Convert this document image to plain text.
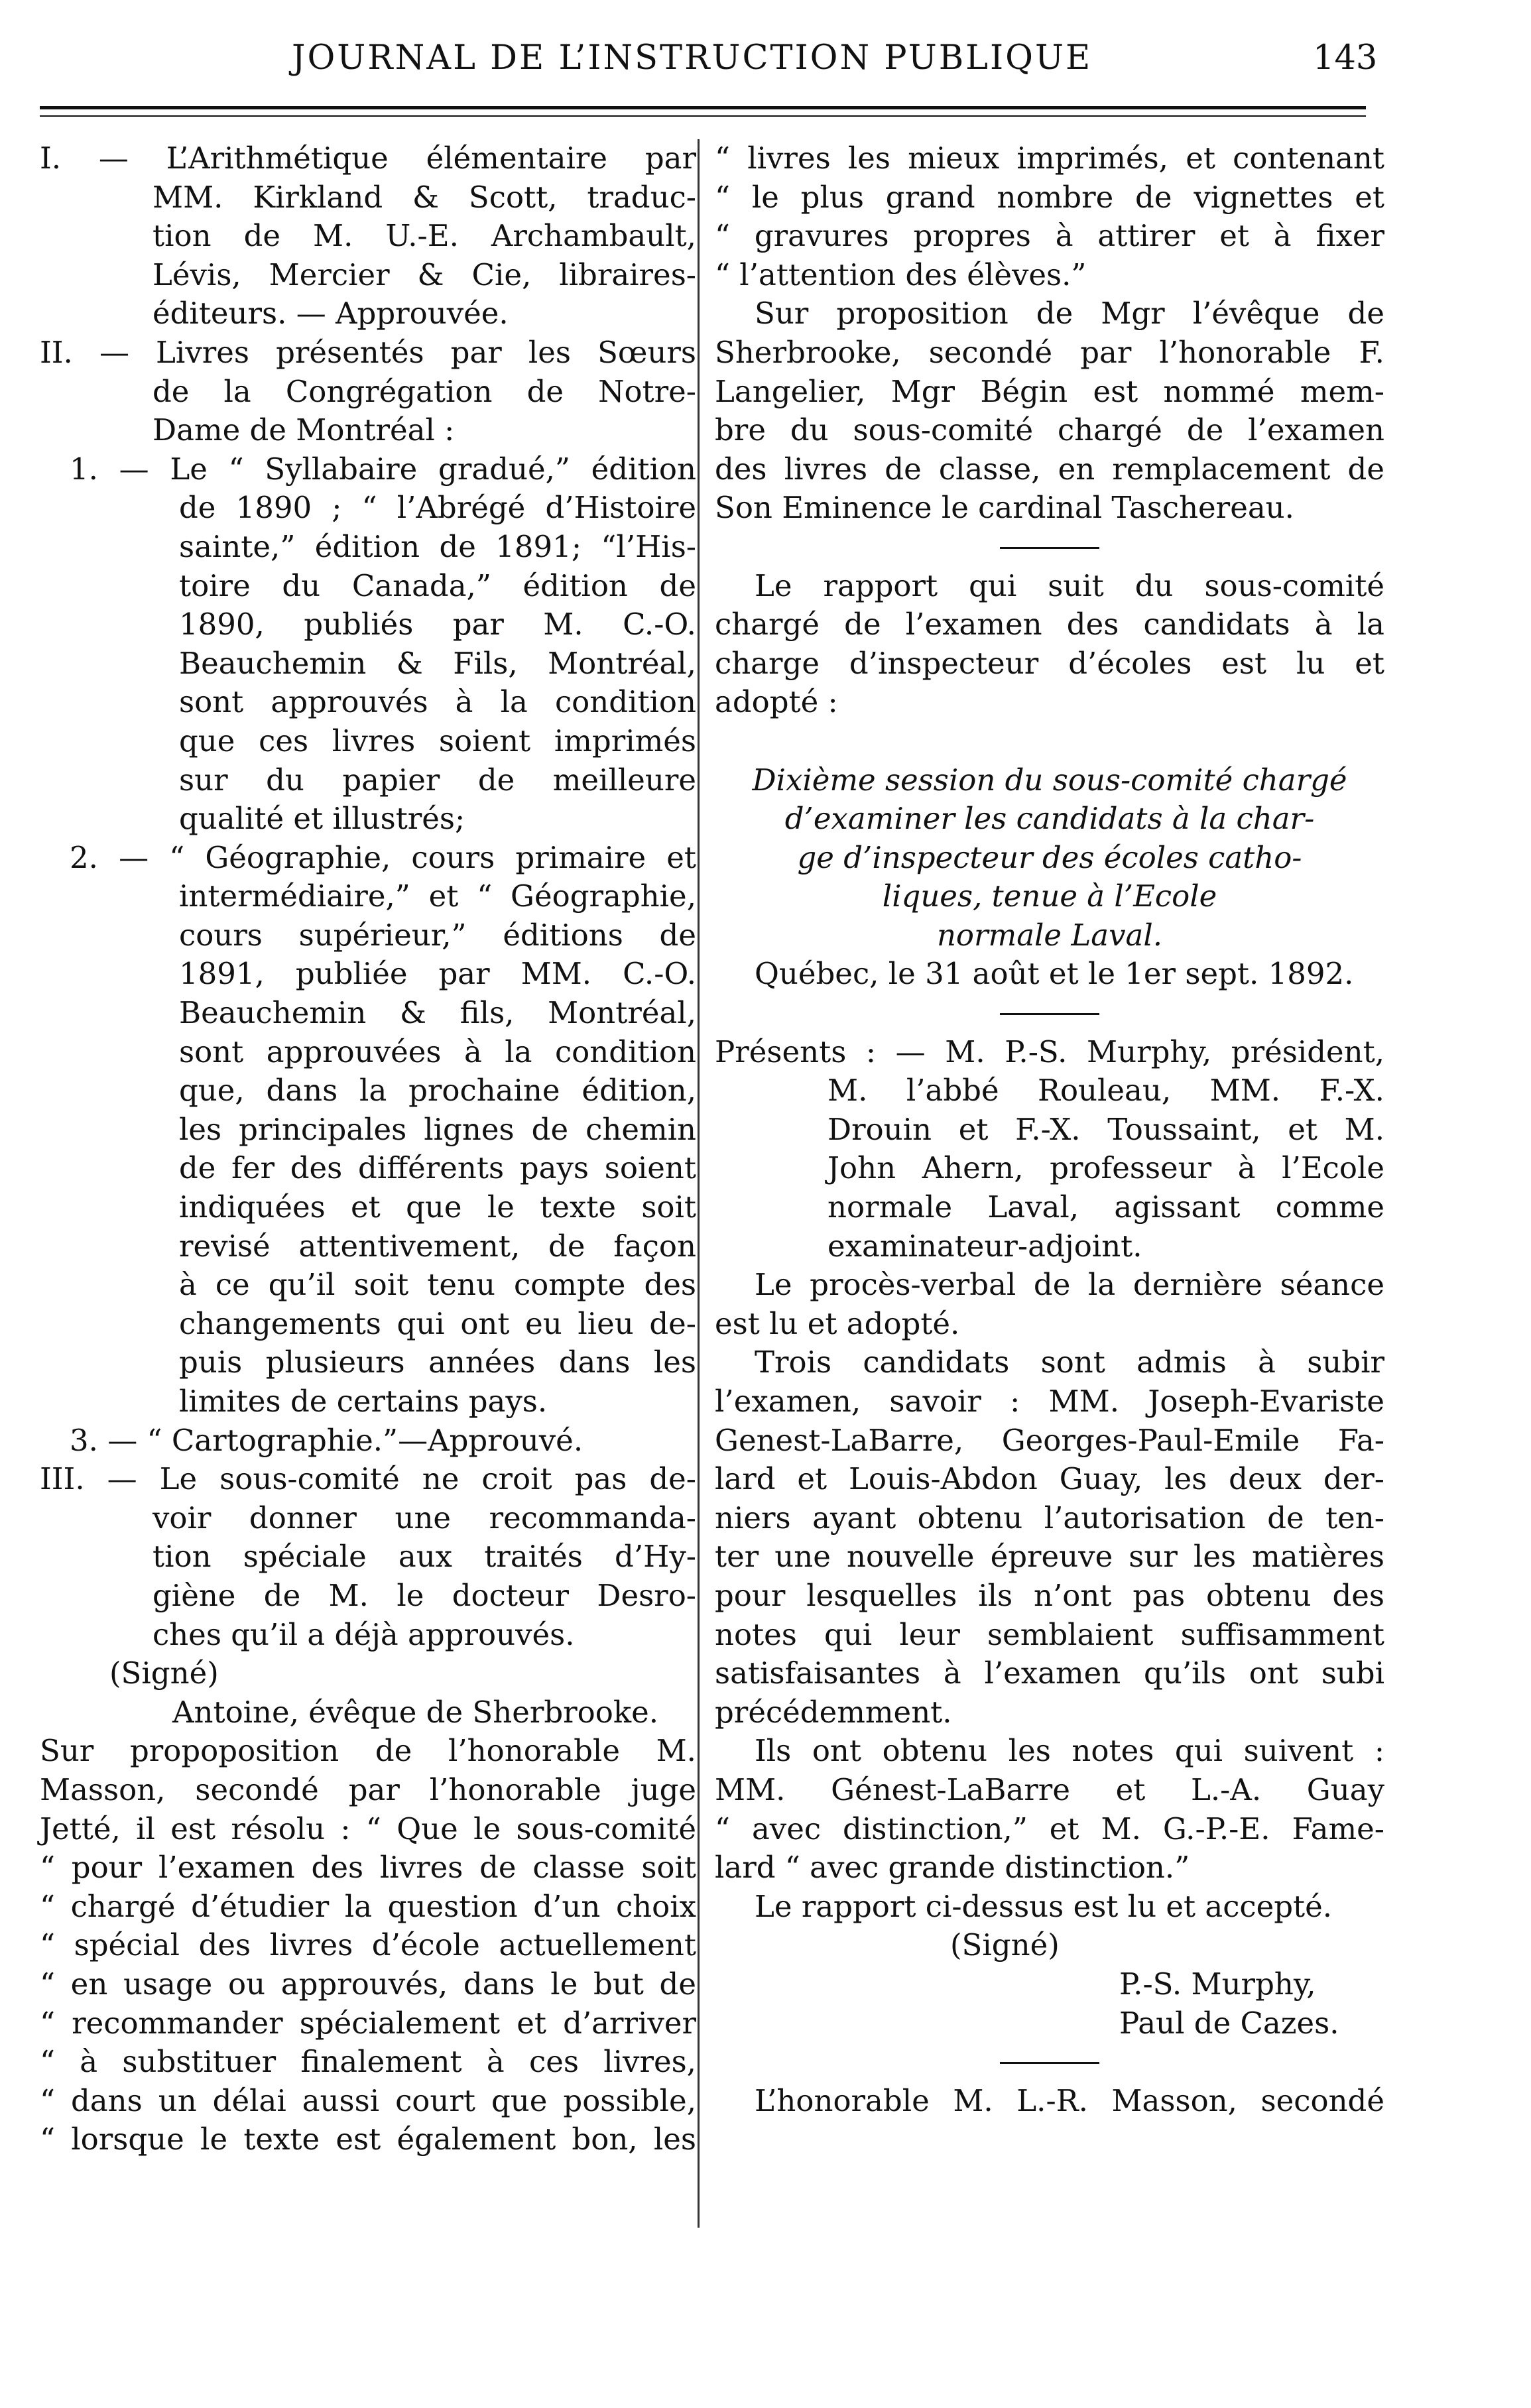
JOURNAL DE L’INSTRUCTION PUBLIQUE	143
I. — L’Arithmétique élémentaire par
MM. Kirkland & Scott, traduc-
tion de M. U.-E. Archambault,
Lévis, Mercier & Cie, libraires-
éditeurs. — Approuvée.
II. — Livres présentés par les Sœurs
de la Congrégation de Notre-
Dame de Montréal :
1. — Le “ Syllabaire gradué,” édition
de 1890 ; “ l’Abrégé d’Histoire
sainte,” édition de 1891; “l’His-
toire du Canada,” édition de
1890, publiés par M. C.-O.
Beauchemin & Fils, Montréal,
sont approuvés à la condition
que ces livres soient imprimés
sur du papier de meilleure
qualité et illustrés;
2. — “ Géographie, cours primaire et
intermédiaire,” et “ Géographie,
cours supérieur,” éditions de
1891, publiée par MM. C.-O.
Beauchemin & fils, Montréal,
sont approuvées à la condition
que, dans la prochaine édition,
les principales lignes de chemin
de fer des différents pays soient
indiquées et que le texte soit
revisé attentivement, de façon
à ce qu’il soit tenu compte des
changements qui ont eu lieu de-
puis plusieurs années dans les
limites de certains pays.
3. — “ Cartographie.”—Approuvé.
III. — Le sous-comité ne croit pas de-
voir donner une recommanda-
tion spéciale aux traités d’Hy-
giène de M. le docteur Desro-
ches qu’il a déjà approuvés.
(Signé)
Antoine, évêque de Sherbrooke.
Sur propoposition de l’honorable M.
Masson, secondé par l’honorable juge
Jetté, il est résolu : “ Que le sous-comité
“ pour l’examen des livres de classe soit
“ chargé d’étudier la question d’un choix
“ spécial des livres d’école actuellement
“ en usage ou approuvés, dans le but de
“ recommander spécialement et d’arriver
“ à substituer finalement à ces livres,
“ dans un délai aussi court que possible,
“ lorsque le texte est également bon, les
“ livres les mieux imprimés, et contenant
“ le plus grand nombre de vignettes et
“ gravures propres à attirer et à fixer
“ l’attention des élèves.”
Sur proposition de Mgr l’évêque de
Sherbrooke, secondé par l’honorable F.
Langelier, Mgr Bégin est nommé mem-
bre du sous-comité chargé de l’examen
des livres de classe, en remplacement de
Son Eminence le cardinal Taschereau.
Le rapport qui suit du sous-comité
chargé de l’examen des candidats à la
charge d’inspecteur d’écoles est lu et
adopté :
Dixième session du sous-comité chargé
d’examiner les candidats à la char-
ge d’inspecteur des écoles catho-
liques, tenue à l’Ecole
normale Laval.
Québec, le 31 août et le 1er sept. 1892.
Présents : — M. P.-S. Murphy, président,
M. l’abbé Rouleau, MM. F.-X.
Drouin et F.-X. Toussaint, et M.
John Ahern, professeur à l’Ecole
normale Laval, agissant comme
examinateur-adjoint.
Le procès-verbal de la dernière séance
est lu et adopté.
Trois candidats sont admis à subir
l’examen, savoir : MM. Joseph-Evariste
Genest-LaBarre, Georges-Paul-Emile Fa-
lard et Louis-Abdon Guay, les deux der-
niers ayant obtenu l’autorisation de ten-
ter une nouvelle épreuve sur les matières
pour lesquelles ils n’ont pas obtenu des
notes qui leur semblaient suffisamment
satisfaisantes à l’examen qu’ils ont subi
précédemment.
Ils ont obtenu les notes qui suivent :
MM. Génest-LaBarre et L.-A. Guay
“ avec distinction,” et M. G.-P.-E. Fame-
lard “ avec grande distinction.”
Le rapport ci-dessus est lu et accepté.
(Signé)
P.-S. Murphy,
Paul de Cazes.
L’honorable M. L.-R. Masson, secondé
